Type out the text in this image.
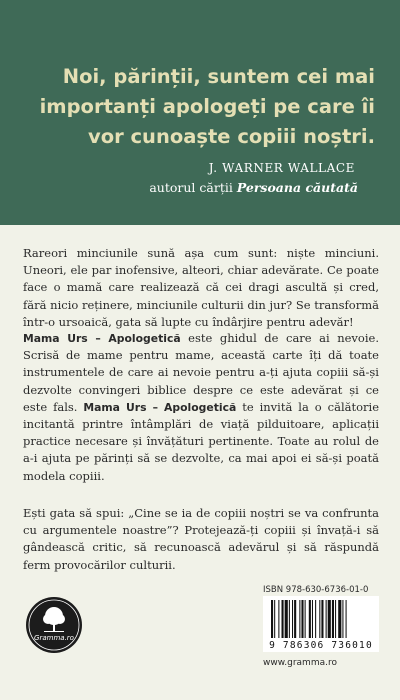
Noi, părinții, suntem cei mai
importanți apologeți pe care îi
vor cunoaște copiii noștri.
J. WARNER WALLACE
autorul cărții Persoana căutată
Rareori minciunile sună așa cum sunt: niște minciuni. Uneori, ele par inofensive, alteori, chiar adevărate. Ce poate face o mamă care realizează că cei dragi ascultă și cred, fără nicio reținere, minciunile culturii din jur? Se transformă într-o ursoaică, gata să lupte cu îndârjire pentru adevăr!
Mama Urs – Apologetică este ghidul de care ai nevoie. Scrisă de mame pentru mame, această carte îți dă toate instrumentele de care ai nevoie pentru a-ți ajuta copiii să-și dezvolte convingeri biblice despre ce este adevărat și ce este fals. Mama Urs – Apologetică te invită la o călătorie incitantă printre întâmplări de viață pilduitoare, aplicații practice necesare și învățături pertinente. Toate au rolul de a-i ajuta pe părinți să se dezvolte, ca mai apoi ei să-și poată modela copiii.
Ești gata să spui: „Cine se ia de copiii noștri se va confrunta cu argumentele noastre”? Protejează-ți copiii și învață-i să gândească critic, să recunoască adevărul și să răspundă ferm provocărilor culturii.
Gramma.ro
ISBN 978-630-6736-01-0
9 786306 736010
www.gramma.ro
